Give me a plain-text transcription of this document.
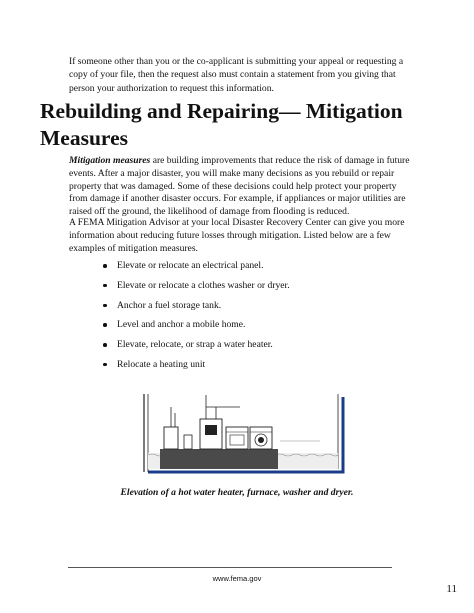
If someone other than you or the co-applicant is submitting your appeal or requesting a copy of your file, then the request also must contain a statement from you giving that person your authorization to request this information.

Rebuilding and Repairing— Mitigation Measures

Mitigation measures are building improvements that reduce the risk of damage in future events. After a major disaster, you will make many decisions as you rebuild or repair property that was damaged. Some of these decisions could help protect your property from damage if another disaster occurs. For example, if appliances or major utilities are raised off the ground, the likelihood of damage from flooding is reduced.

A FEMA Mitigation Advisor at your local Disaster Recovery Center can give you more information about reducing future losses through mitigation. Listed below are a few examples of mitigation measures.

Elevate or relocate an electrical panel.
Elevate or relocate a clothes washer or dryer.
Anchor a fuel storage tank.
Level and anchor a mobile home.
Elevate, relocate, or strap a water heater.
Relocate a heating unit

Elevation of a hot water heater, furnace, washer and dryer.

www.fema.gov
11
